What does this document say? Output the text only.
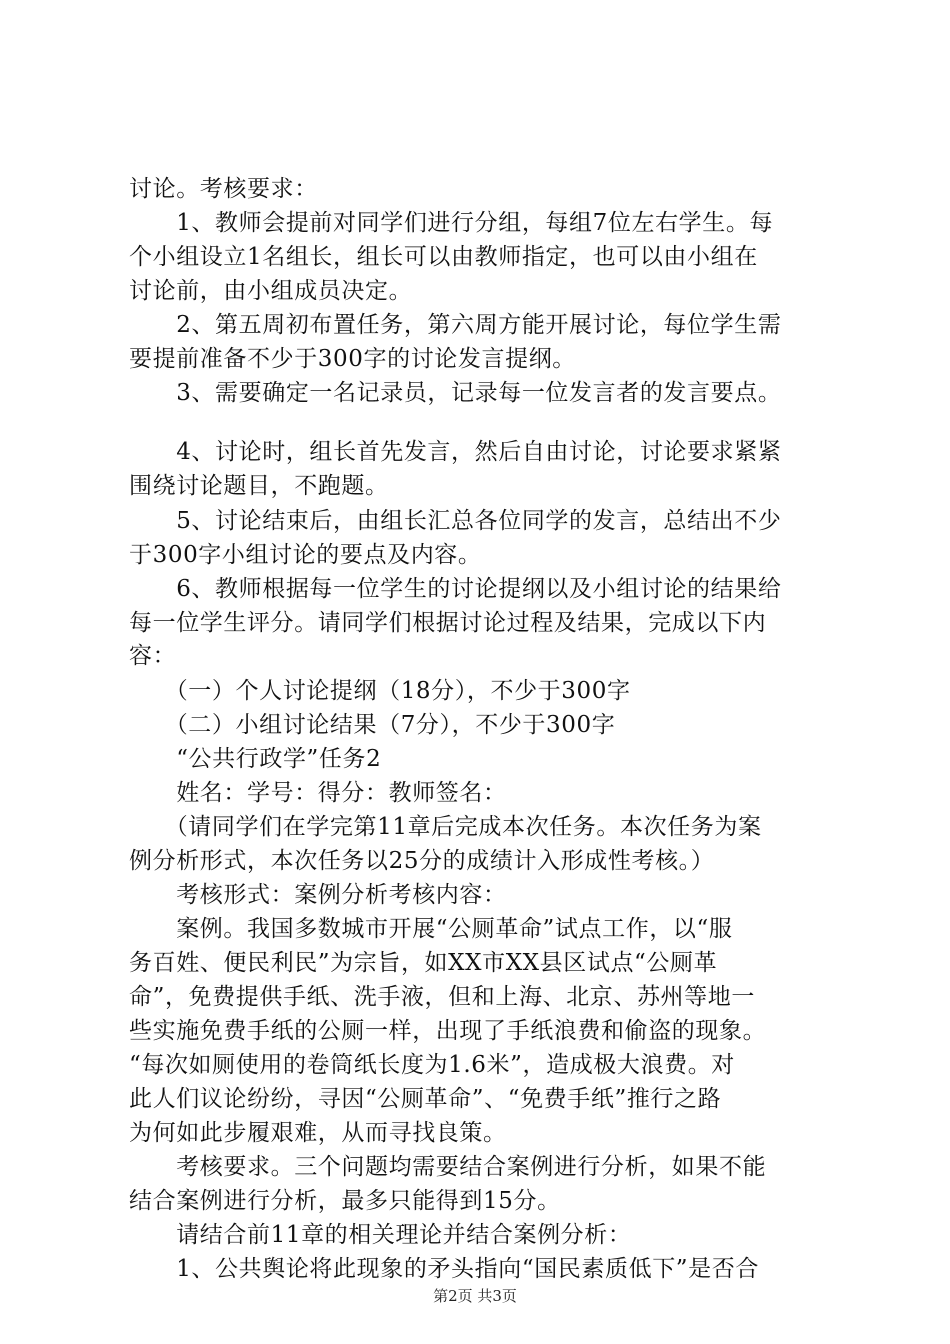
讨论。考核要求：
　　1、教师会提前对同学们进行分组，每组7位左右学生。每
个小组设立1名组长，组长可以由教师指定，也可以由小组在
讨论前，由小组成员决定。
　　2、第五周初布置任务，第六周方能开展讨论，每位学生需
要提前准备不少于300字的讨论发言提纲。
　　3、需要确定一名记录员，记录每一位发言者的发言要点。
　　4、讨论时，组长首先发言，然后自由讨论，讨论要求紧紧
围绕讨论题目，不跑题。
　　5、讨论结束后，由组长汇总各位同学的发言，总结出不少
于300字小组讨论的要点及内容。
　　6、教师根据每一位学生的讨论提纲以及小组讨论的结果给
每一位学生评分。请同学们根据讨论过程及结果，完成以下内
容：
　　（一）个人讨论提纲（18分），不少于300字
　　（二）小组讨论结果（7分），不少于300字
　　“公共行政学”任务2
　　姓名：学号：得分：教师签名：
　　（请同学们在学完第11章后完成本次任务。本次任务为案
例分析形式，本次任务以25分的成绩计入形成性考核。）
　　考核形式：案例分析考核内容：
　　案例。我国多数城市开展“公厕革命”试点工作，以“服
务百姓、便民利民”为宗旨，如XX市XX县区试点“公厕革
命”，免费提供手纸、洗手液，但和上海、北京、苏州等地一
些实施免费手纸的公厕一样，出现了手纸浪费和偷盗的现象。
“每次如厕使用的卷筒纸长度为1.6米”，造成极大浪费。对
此人们议论纷纷，寻因“公厕革命”、“免费手纸”推行之路
为何如此步履艰难，从而寻找良策。
　　考核要求。三个问题均需要结合案例进行分析，如果不能
结合案例进行分析，最多只能得到15分。
　　请结合前11章的相关理论并结合案例分析：
　　1、公共舆论将此现象的矛头指向“国民素质低下”是否合
第2页 共3页
